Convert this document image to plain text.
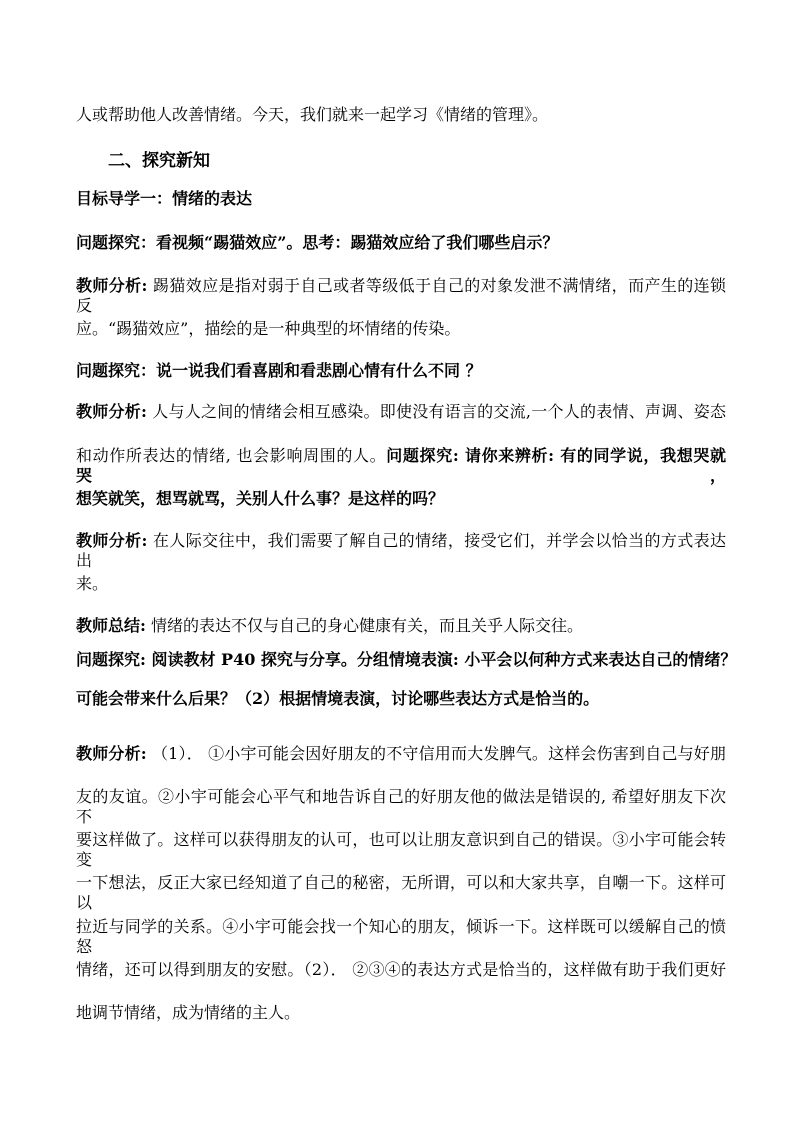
人或帮助他人改善情绪。今天，我们就来一起学习《情绪的管理》。
二、探究新知
目标导学一：情绪的表达
问题探究：看视频“踢猫效应”。思考：踢猫效应给了我们哪些启示？
教师分析: 踢猫效应是指对弱于自己或者等级低于自己的对象发泄不满情绪，而产生的连锁反
应。“踢猫效应”，描绘的是一种典型的坏情绪的传染。
问题探究：说一说我们看喜剧和看悲剧心情有什么不同 ？
教师分析: 人与人之间的情绪会相互感染。即使没有语言的交流,一个人的表情、声调、姿态
和动作所表达的情绪, 也会影响周围的人。问题探究: 请你来辨析: 有的同学说，我想哭就哭，
想笑就笑，想骂就骂，关别人什么事？是这样的吗？
教师分析: 在人际交往中，我们需要了解自己的情绪，接受它们，并学会以恰当的方式表达出
来。
教师总结: 情绪的表达不仅与自己的身心健康有关，而且关乎人际交往。
问题探究: 阅读教材 P40 探究与分享。分组情境表演: 小平会以何种方式来表达自己的情绪？
可能会带来什么后果？（2）根据情境表演，讨论哪些表达方式是恰当的。
教师分析: （1）． ①小宇可能会因好朋友的不守信用而大发脾气。这样会伤害到自己与好朋
友的友谊。②小宇可能会心平气和地告诉自己的好朋友他的做法是错误的, 希望好朋友下次不
要这样做了。这样可以获得朋友的认可，也可以让朋友意识到自己的错误。③小宇可能会转变
一下想法，反正大家已经知道了自己的秘密，无所谓，可以和大家共享，自嘲一下。这样可以
拉近与同学的关系。④小宇可能会找一个知心的朋友，倾诉一下。这样既可以缓解自己的愤怒
情绪，还可以得到朋友的安慰。（2）． ②③④的表达方式是恰当的，这样做有助于我们更好
地调节情绪，成为情绪的主人。
